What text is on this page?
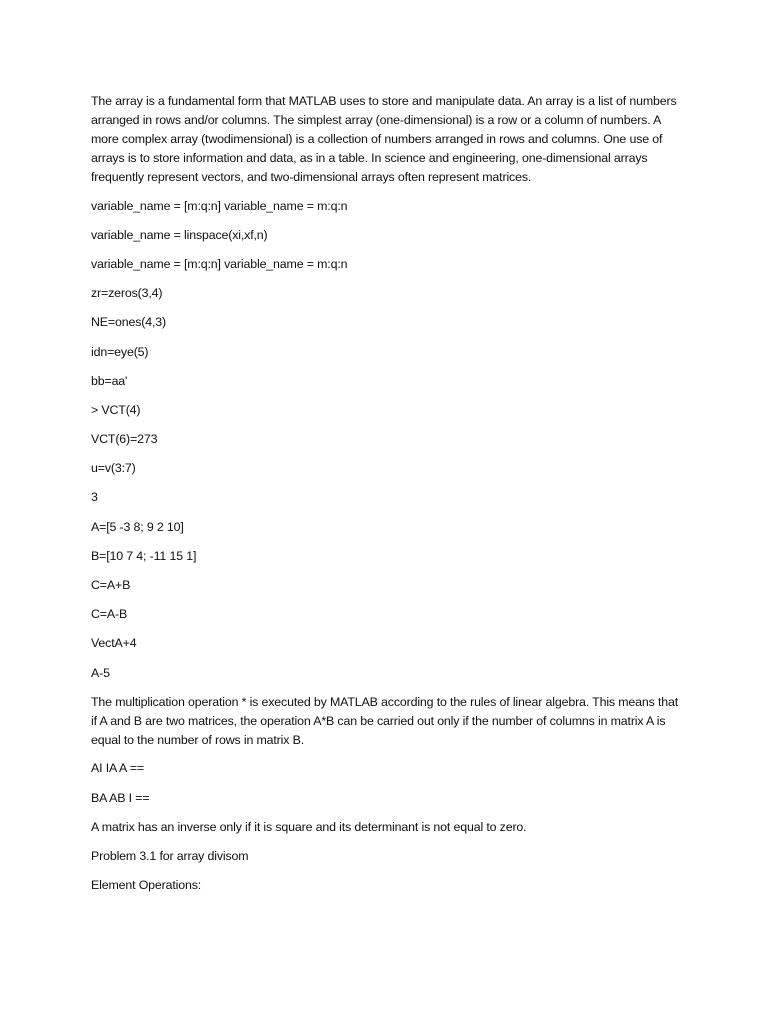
The array is a fundamental form that MATLAB uses to store and manipulate data. An array is a list of numbers arranged in rows and/or columns. The simplest array (one-dimensional) is a row or a column of numbers. A more complex array (twodimensional) is a collection of numbers arranged in rows and columns. One use of arrays is to store information and data, as in a table. In science and engineering, one-dimensional arrays frequently represent vectors, and two-dimensional arrays often represent matrices.

variable_name = [m:q:n] variable_name = m:q:n

variable_name = linspace(xi,xf,n)

variable_name = [m:q:n] variable_name = m:q:n

zr=zeros(3,4)

NE=ones(4,3)

idn=eye(5)

bb=aa'

> VCT(4)

VCT(6)=273

u=v(3:7)

3

A=[5 -3 8; 9 2 10]

B=[10 7 4; -11 15 1]

C=A+B

C=A-B

VectA+4

A-5

The multiplication operation * is executed by MATLAB according to the rules of linear algebra. This means that if A and B are two matrices, the operation A*B can be carried out only if the number of columns in matrix A is equal to the number of rows in matrix B.

AI IA A ==

BA AB I ==

A matrix has an inverse only if it is square and its determinant is not equal to zero.

Problem 3.1 for array divisom

Element Operations:
